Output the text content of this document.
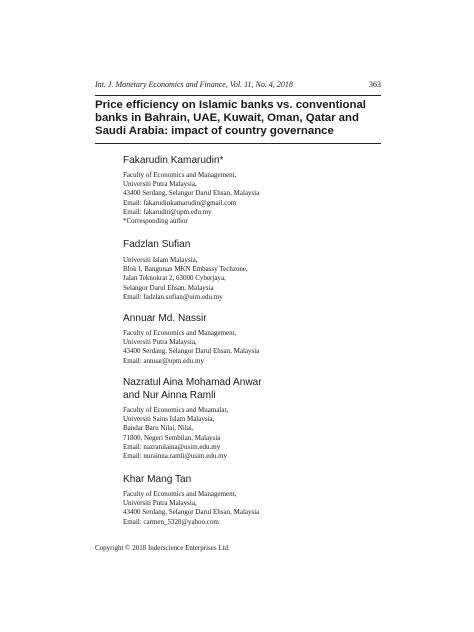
Int. J. Monetary Economics and Finance, Vol. 11, No. 4, 2018	363
Price efficiency on Islamic banks vs. conventional
banks in Bahrain, UAE, Kuwait, Oman, Qatar and
Saudi Arabia: impact of country governance
Fakarudin Kamarudin*
Faculty of Economics and Management,
Universiti Putra Malaysia,
43400 Serdang, Selangor Darul Ehsan, Malaysia
Email: fakarudinkamarudin@gmail.com
Email: fakarudin@upm.edu.my
*Corresponding author
Fadzlan Sufian
Universiti Islam Malaysia,
Blok I, Bangunan MKN Embassy Techzone,
Jalan Teknokrat 2, 63000 Cyberjaya,
Selangor Darul Ehsan, Malaysia
Email: fadzlan.sufian@uim.edu.my
Annuar Md. Nassir
Faculty of Economics and Management,
Universiti Putra Malaysia,
43400 Serdang, Selangor Darul Ehsan, Malaysia
Email: annuar@upm.edu.my
Nazratul Aina Mohamad Anwar
and Nur Ainna Ramli
Faculty of Economics and Muamalat,
Universiti Sains Islam Malaysia,
Bandar Baru Nilai, Nilai,
71800, Negeri Sembilan, Malaysia
Email: nazratulaina@usim.edu.my
Email: nurainna.ramli@usim.edu.my
Khar Mang Tan
Faculty of Economics and Management,
Universiti Putra Malaysia,
43400 Serdang, Selangor Darul Ehsan, Malaysia
Email: carmen_5328@yahoo.com
Copyright © 2018 Inderscience Enterprises Ltd.
